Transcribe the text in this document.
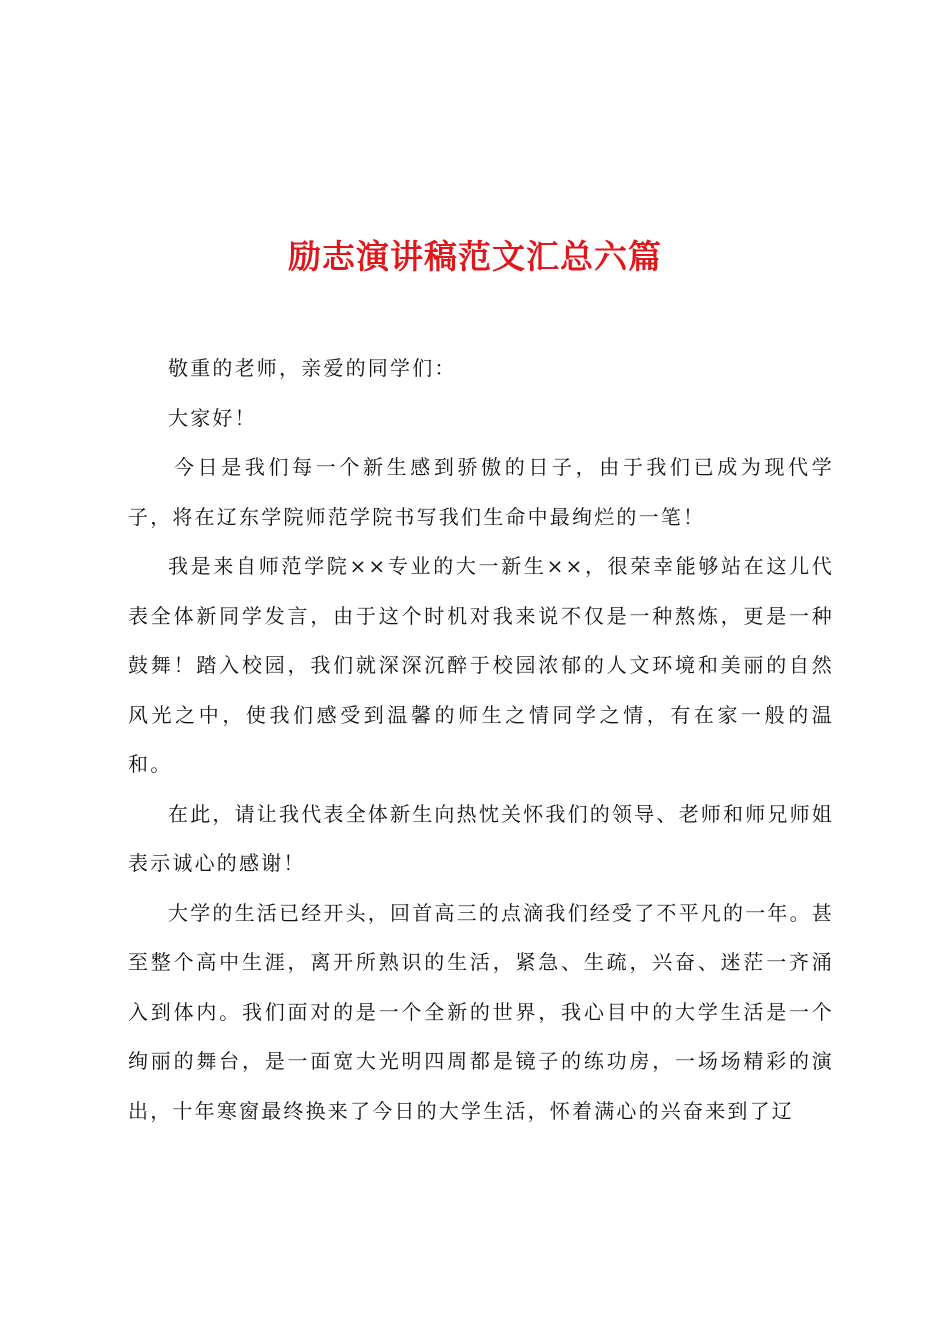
励志演讲稿范文汇总六篇

敬重的老师，亲爱的同学们：

大家好！

今日是我们每一个新生感到骄傲的日子，由于我们已成为现代学子，将在辽东学院师范学院书写我们生命中最绚烂的一笔！

我是来自师范学院××专业的大一新生××，很荣幸能够站在这儿代表全体新同学发言，由于这个时机对我来说不仅是一种熬炼，更是一种鼓舞！踏入校园，我们就深深沉醉于校园浓郁的人文环境和美丽的自然风光之中，使我们感受到温馨的师生之情同学之情，有在家一般的温和。

在此，请让我代表全体新生向热忱关怀我们的领导、老师和师兄师姐表示诚心的感谢！

大学的生活已经开头，回首高三的点滴我们经受了不平凡的一年。甚至整个高中生涯，离开所熟识的生活，紧急、生疏，兴奋、迷茫一齐涌入到体内。我们面对的是一个全新的世界，我心目中的大学生活是一个绚丽的舞台，是一面宽大光明四周都是镜子的练功房，一场场精彩的演出，十年寒窗最终换来了今日的大学生活，怀着满心的兴奋来到了辽
